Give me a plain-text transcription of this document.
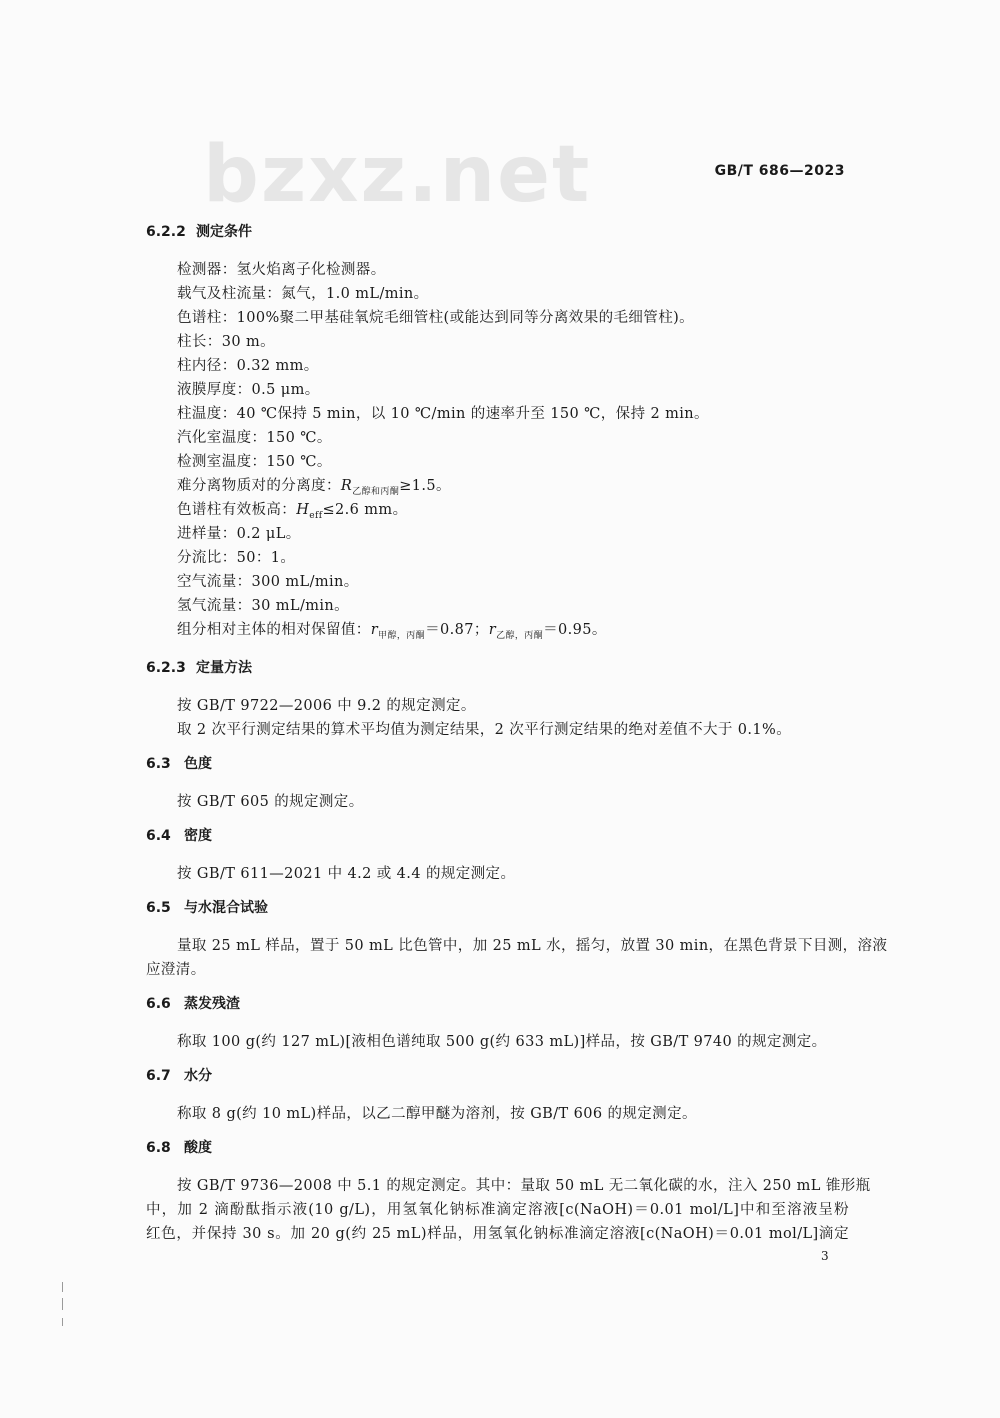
bzxz.net	GB/T 686—2023
6.2.2 测定条件
检测器：氢火焰离子化检测器。
载气及柱流量：氮气，1.0 mL/min。
色谱柱：100%聚二甲基硅氧烷毛细管柱(或能达到同等分离效果的毛细管柱)。
柱长：30 m。
柱内径：0.32 mm。
液膜厚度：0.5 μm。
柱温度：40 ℃保持 5 min，以 10 ℃/min 的速率升至 150 ℃，保持 2 min。
汽化室温度：150 ℃。
检测室温度：150 ℃。
难分离物质对的分离度：$R_{乙醇和丙酮}\ge 1.5$。
色谱柱有效板高：$H_{eff}\le 2.6$ mm。
进样量：0.2 μL。
分流比：50：1。
空气流量：300 mL/min。
氢气流量：30 mL/min。
组分相对主体的相对保留值：$r_{甲醇,丙酮}=0.87$；$r_{乙醇,丙酮}=0.95$。
6.2.3 定量方法
按 GB/T 9722—2006 中 9.2 的规定测定。
取 2 次平行测定结果的算术平均值为测定结果，2 次平行测定结果的绝对差值不大于 0.1%。
6.3 色度
按 GB/T 605 的规定测定。
6.4 密度
按 GB/T 611—2021 中 4.2 或 4.4 的规定测定。
6.5 与水混合试验
量取 25 mL 样品，置于 50 mL 比色管中，加 25 mL 水，摇匀，放置 30 min，在黑色背景下目测，溶液
应澄清。
6.6 蒸发残渣
称取 100 g(约 127 mL)[液相色谱纯取 500 g(约 633 mL)]样品，按 GB/T 9740 的规定测定。
6.7 水分
称取 8 g(约 10 mL)样品，以乙二醇甲醚为溶剂，按 GB/T 606 的规定测定。
6.8 酸度
按 GB/T 9736—2008 中 5.1 的规定测定。其中：量取 50 mL 无二氧化碳的水，注入 250 mL 锥形瓶
中，加 2 滴酚酞指示液(10 g/L)，用氢氧化钠标准滴定溶液[c(NaOH)＝0.01 mol/L]中和至溶液呈粉
红色，并保持 30 s。加 20 g(约 25 mL)样品，用氢氧化钠标准滴定溶液[c(NaOH)＝0.01 mol/L]滴定
3
